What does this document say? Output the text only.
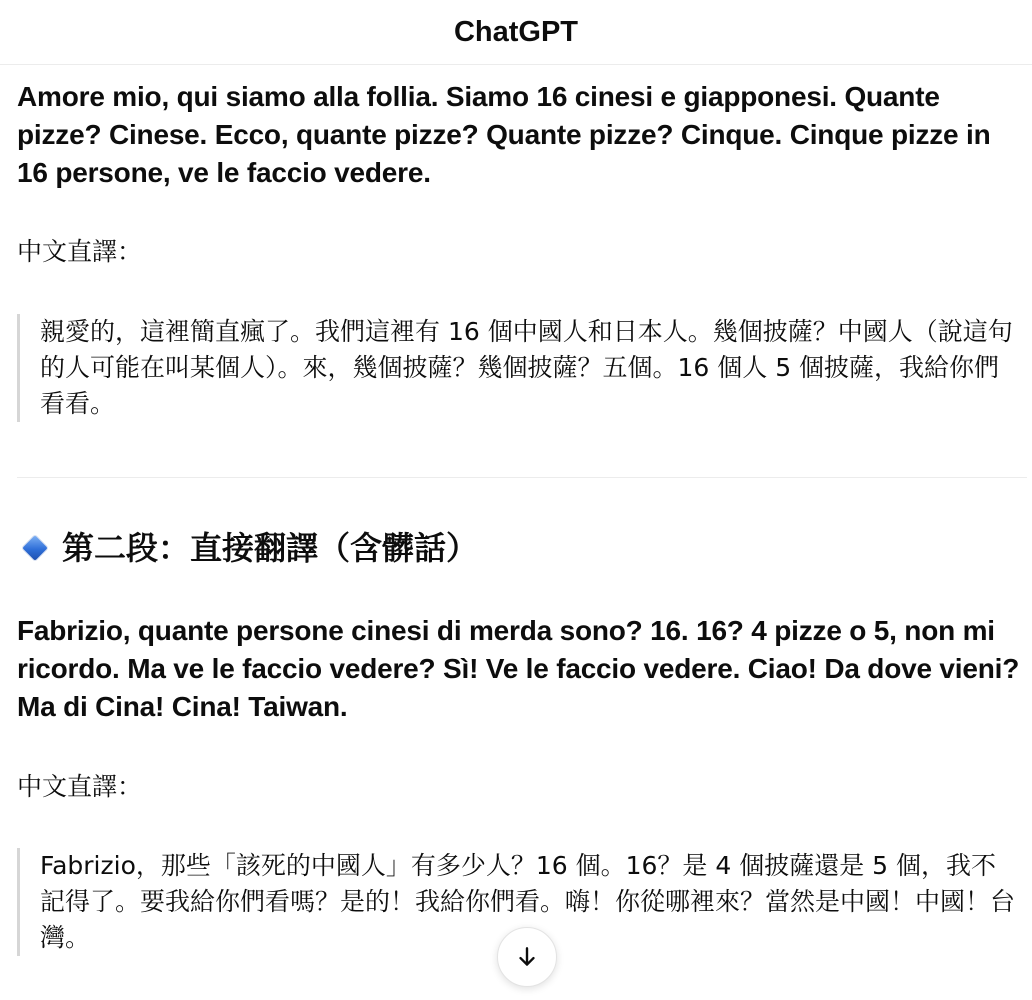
ChatGPT

Amore mio, qui siamo alla follia. Siamo 16 cinesi e giapponesi. Quante pizze? Cinese. Ecco, quante pizze? Quante pizze? Cinque. Cinque pizze in 16 persone, ve le faccio vedere.

中文直譯：

親愛的，這裡簡直瘋了。我們這裡有 16 個中國人和日本人。幾個披薩？中國人（說這句的人可能在叫某個人）。來，幾個披薩？幾個披薩？五個。16 個人 5 個披薩，我給你們看看。
第二段：直接翻譯（含髒話）

Fabrizio, quante persone cinesi di merda sono? 16. 16? 4 pizze o 5, non mi ricordo. Ma ve le faccio vedere? Sì! Ve le faccio vedere. Ciao! Da dove vieni? Ma di Cina! Cina! Taiwan.

中文直譯：

Fabrizio，那些「該死的中國人」有多少人？16 個。16？是 4 個披薩還是 5 個，我不記得了。要我給你們看嗎？是的！我給你們看。嗨！你從哪裡來？當然是中國！中國！台灣。
